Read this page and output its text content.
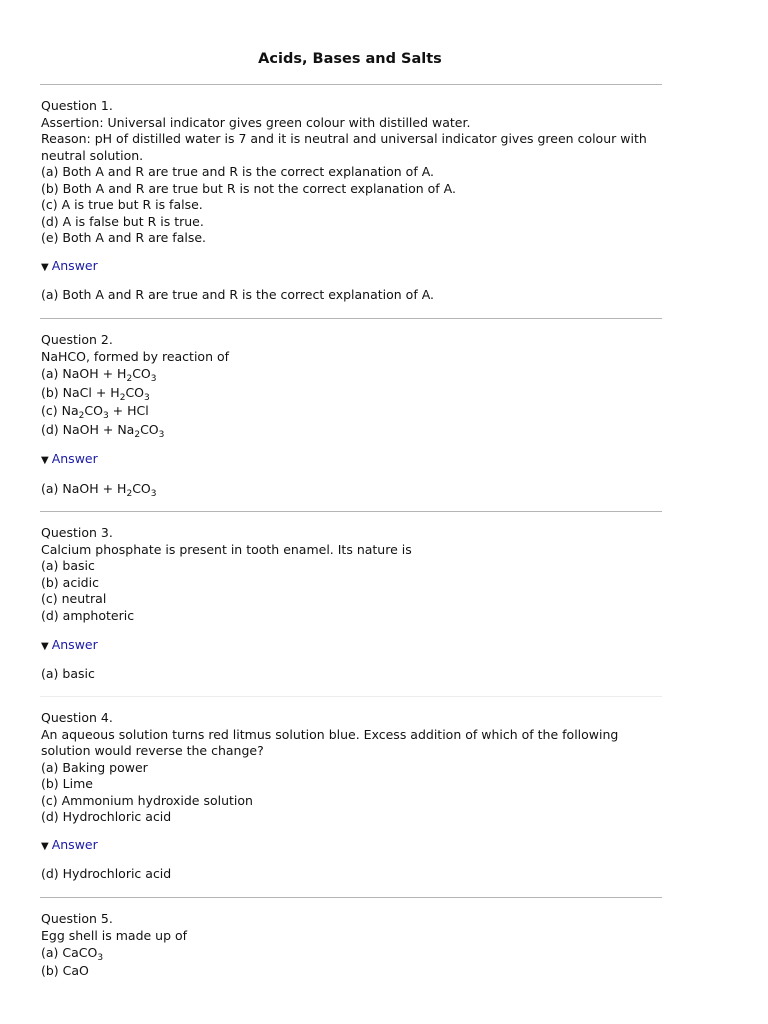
Acids, Bases and Salts

Question 1.

Assertion: Universal indicator gives green colour with distilled water.

Reason: pH of distilled water is 7 and it is neutral and universal indicator gives green colour with

neutral solution.

(a) Both A and R are true and R is the correct explanation of A.

(b) Both A and R are true but R is not the correct explanation of A.

(c) A is true but R is false.

(d) A is false but R is true.

(e) Both A and R are false.

▼ Answer
(a) Both A and R are true and R is the correct explanation of A.

Question 2.

NaHCO, formed by reaction of

(a) NaOH + $H_2CO_3$

(b) NaCl + $H_2CO_3$

(c) $Na_2CO_3$ + HCl

(d) NaOH + $Na_2CO_3$

▼ Answer
(a) NaOH + $H_2CO_3$

Question 3.

Calcium phosphate is present in tooth enamel. Its nature is

(a) basic

(b) acidic

(c) neutral

(d) amphoteric

▼ Answer
(a) basic

Question 4.

An aqueous solution turns red litmus solution blue. Excess addition of which of the following

solution would reverse the change?

(a) Baking power

(b) Lime

(c) Ammonium hydroxide solution

(d) Hydrochloric acid

▼ Answer
(d) Hydrochloric acid

Question 5.

Egg shell is made up of

(a) CaCO$_3$

(b) CaO
